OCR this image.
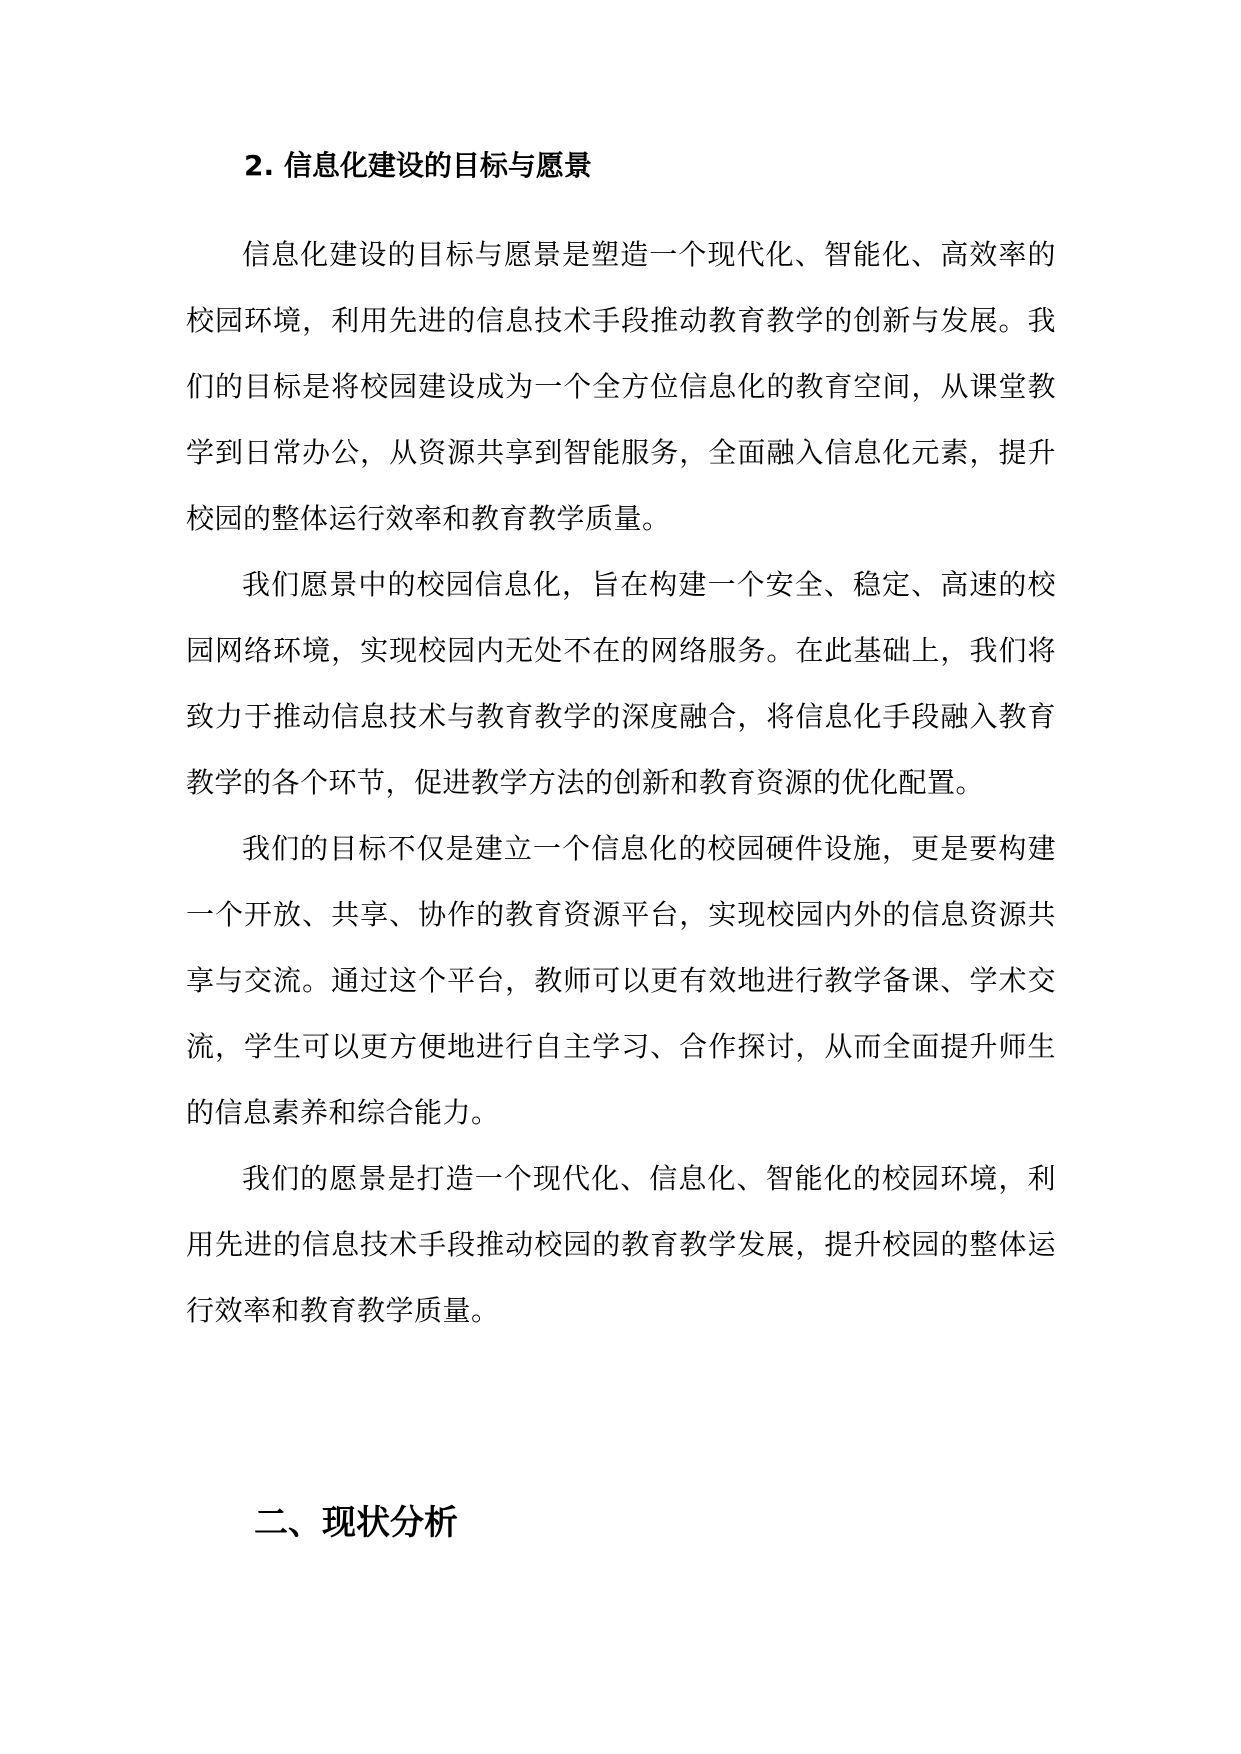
2. 信息化建设的目标与愿景

信息化建设的目标与愿景是塑造一个现代化、智能化、高效率的校园环境，利用先进的信息技术手段推动教育教学的创新与发展。我们的目标是将校园建设成为一个全方位信息化的教育空间，从课堂教学到日常办公，从资源共享到智能服务，全面融入信息化元素，提升校园的整体运行效率和教育教学质量。

我们愿景中的校园信息化，旨在构建一个安全、稳定、高速的校园网络环境，实现校园内无处不在的网络服务。在此基础上，我们将致力于推动信息技术与教育教学的深度融合，将信息化手段融入教育教学的各个环节，促进教学方法的创新和教育资源的优化配置。

我们的目标不仅是建立一个信息化的校园硬件设施，更是要构建一个开放、共享、协作的教育资源平台，实现校园内外的信息资源共享与交流。通过这个平台，教师可以更有效地进行教学备课、学术交流，学生可以更方便地进行自主学习、合作探讨，从而全面提升师生的信息素养和综合能力。

我们的愿景是打造一个现代化、信息化、智能化的校园环境，利用先进的信息技术手段推动校园的教育教学发展，提升校园的整体运行效率和教育教学质量。

二、现状分析
